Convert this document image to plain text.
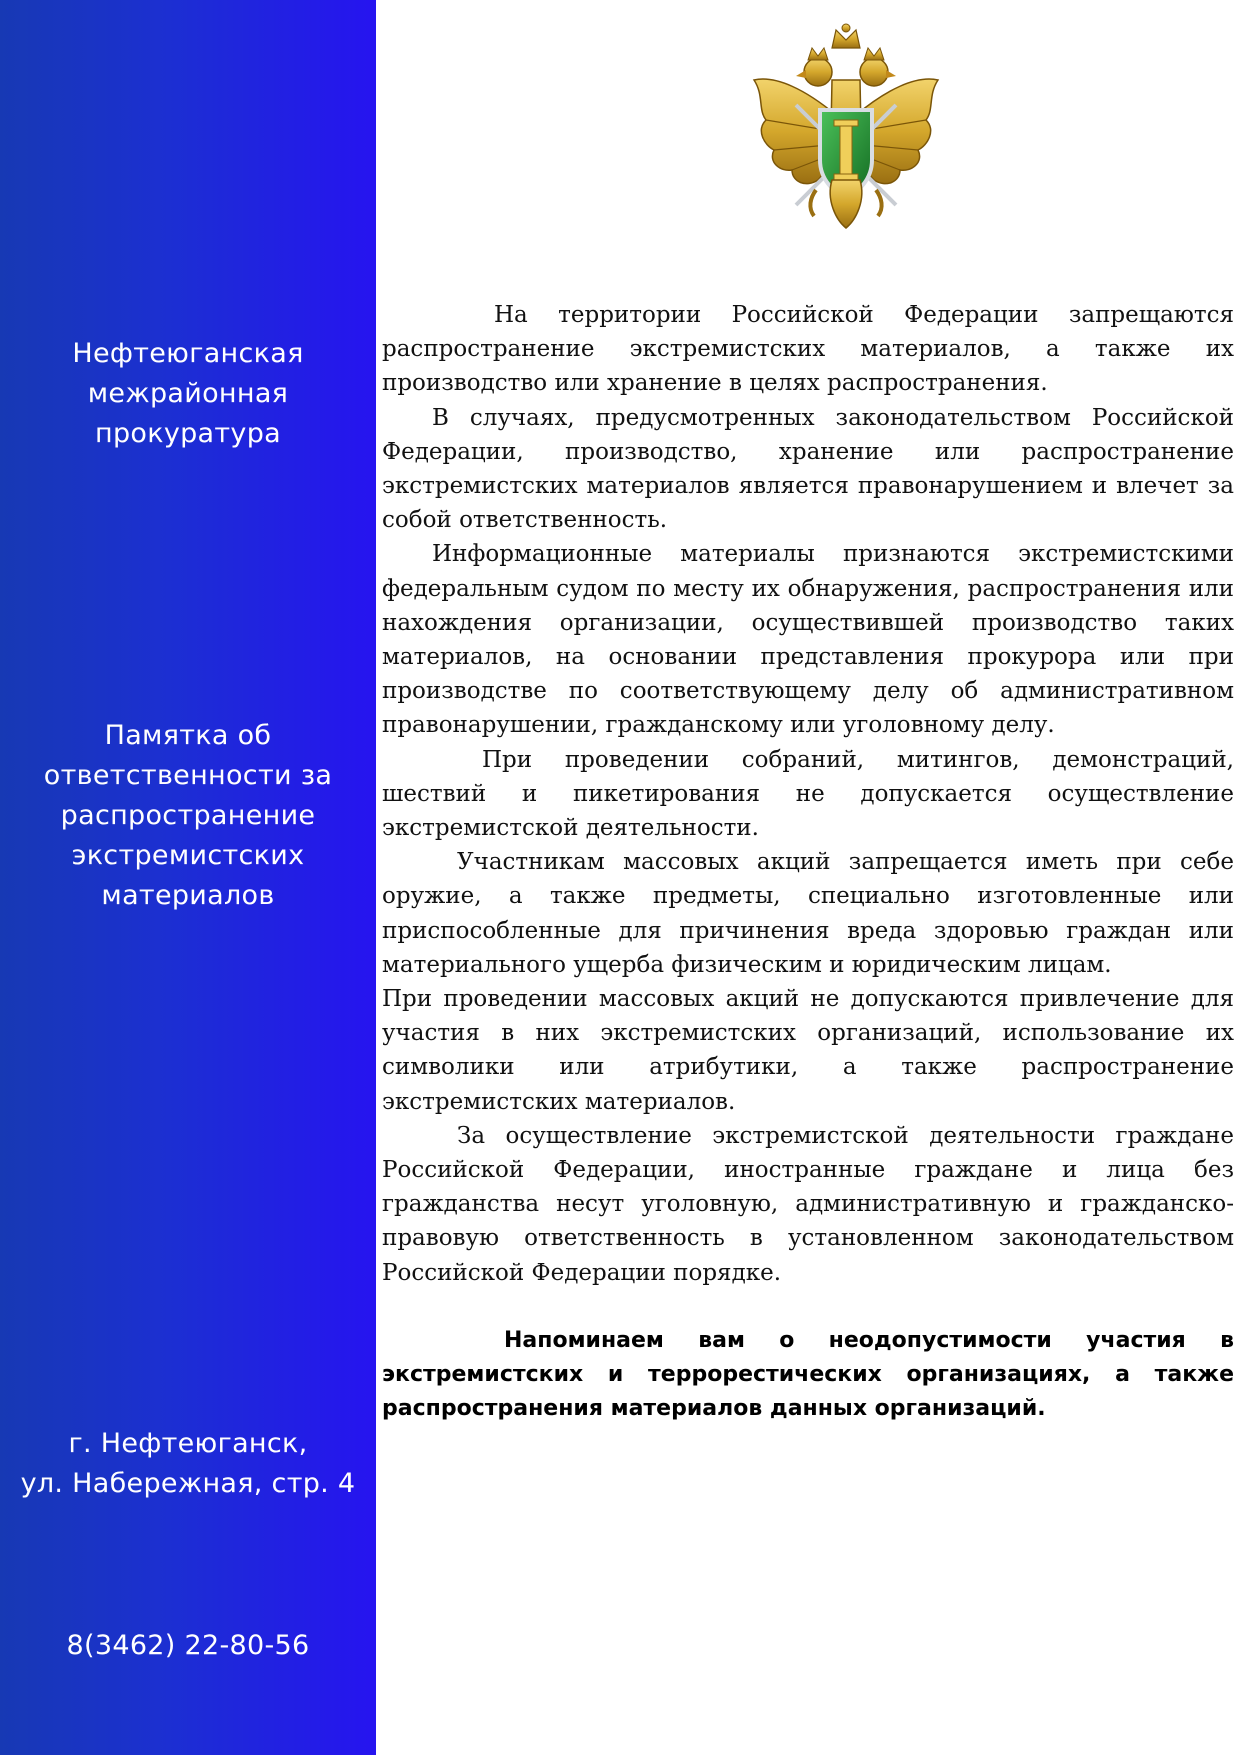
Нефтеюганская
межрайонная
прокуратура
Памятка об
ответственности за
распространение
экстремистских
материалов
г. Нефтеюганск,
ул. Набережная, стр. 4
8(3462) 22-80-56

На территории Российской Федерации запрещаются распространение экстремистских материалов, а также их производство или хранение в целях распространения.

В случаях, предусмотренных законодательством Российской Федерации, производство, хранение или распространение экстремистских материалов является правонарушением и влечет за собой ответственность.

Информационные материалы признаются экстремистскими федеральным судом по месту их обнаружения, распространения или нахождения организации, осуществившей производство таких материалов, на основании представления прокурора или при производстве по соответствующему делу об административном правонарушении, гражданскому или уголовному делу.

При проведении собраний, митингов, демонстраций, шествий и пикетирования не допускается осуществление экстремистской деятельности.

Участникам массовых акций запрещается иметь при себе оружие, а также предметы, специально изготовленные или приспособленные для причинения вреда здоровью граждан или материального ущерба физическим и юридическим лицам.

При проведении массовых акций не допускаются привлечение для участия в них экстремистских организаций, использование их символики или атрибутики, а также распространение экстремистских материалов.

За осуществление экстремистской деятельности граждане Российской Федерации, иностранные граждане и лица без гражданства несут уголовную, административную и гражданско-правовую ответственность в установленном законодательством Российской Федерации порядке.

Напоминаем вам о неодопустимости участия в экстремистских и террорестических организациях, а также распространения материалов данных организаций.
